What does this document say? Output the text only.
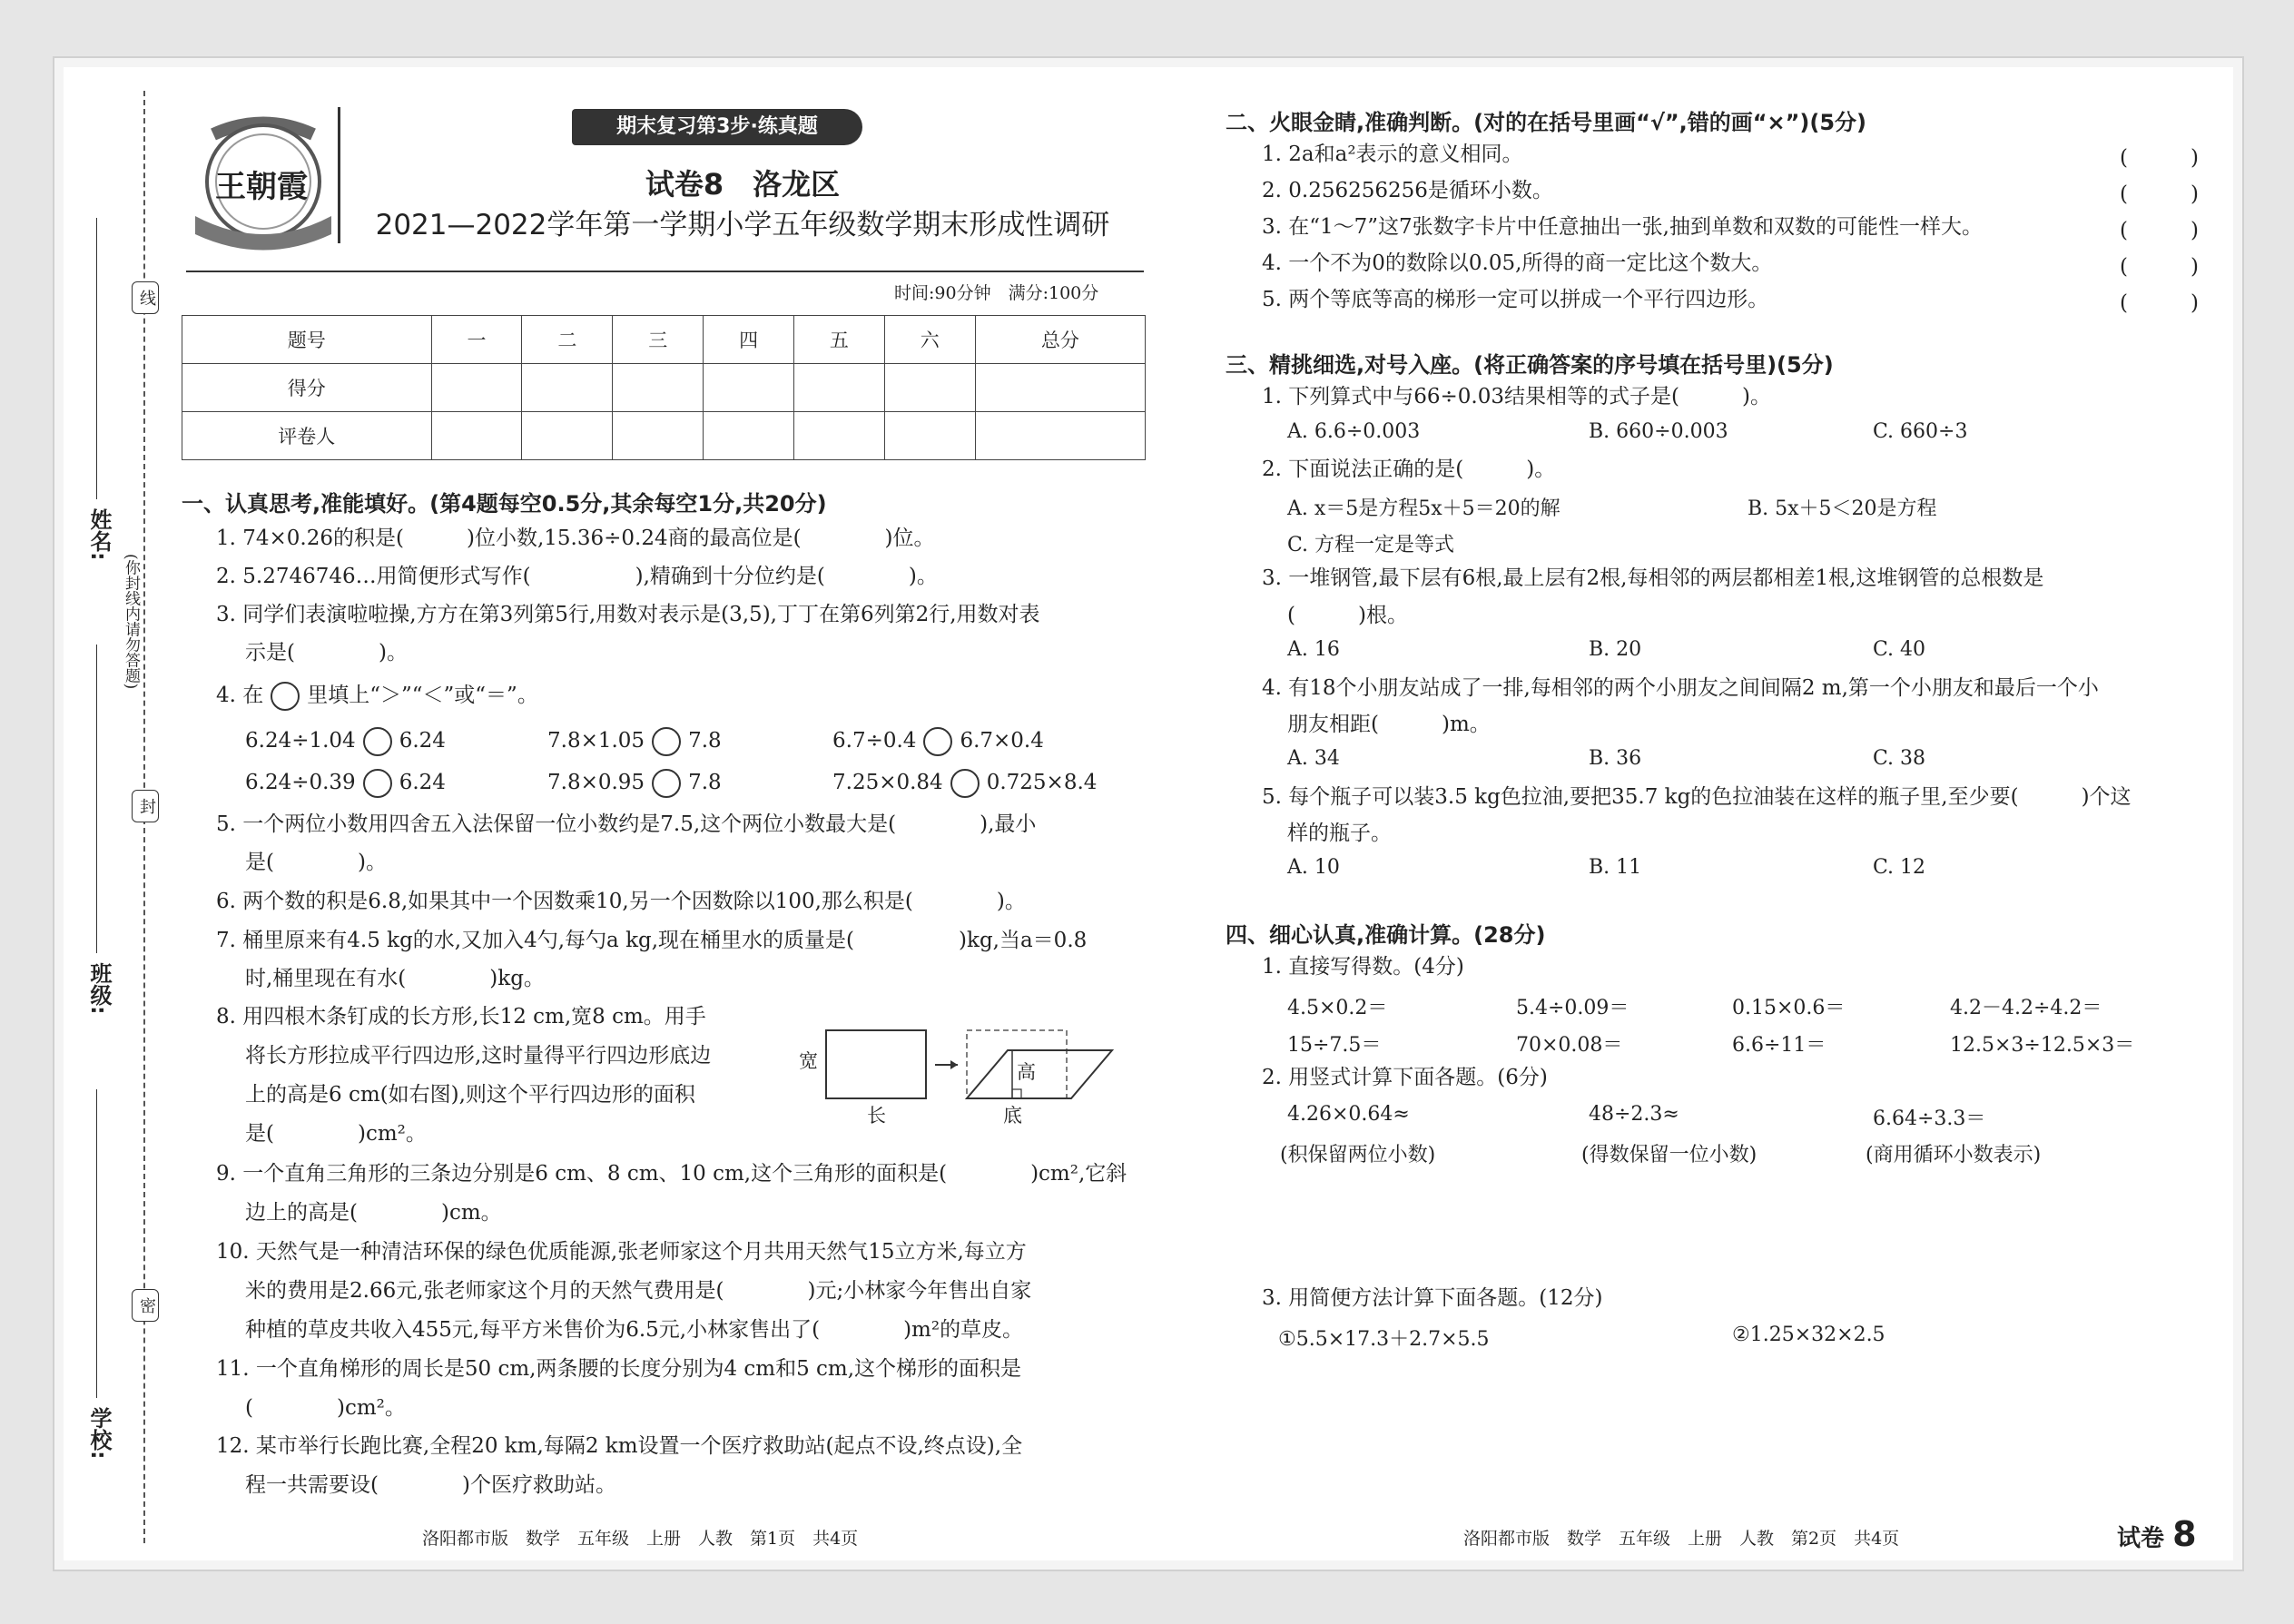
线
封
密
(你封线内请勿答题)
姓名:
班级:
学校:
王朝霞
期末复习第3步·练真题
试卷8　洛龙区
2021—2022学年第一学期小学五年级数学期末形成性调研
时间:90分钟　满分:100分
题号	一	二	三	四	五	六	总分
得分							
评卷人							
一、认真思考,准能填好。(第4题每空0.5分,其余每空1分,共20分)
1. 74×0.26的积是(　　　)位小数,15.36÷0.24商的最高位是(　　　　)位。
2. 5.2746746…用简便形式写作(　　　　　),精确到十分位约是(　　　　)。
3. 同学们表演啦啦操,方方在第3列第5行,用数对表示是(3,5),丁丁在第6列第2行,用数对表
示是(　　　　)。
4. 在 里填上“＞”“＜”或“＝”。
6.24÷1.04 6.24	7.8×1.05 7.8	6.7÷0.4 6.7×0.4
6.24÷0.39 6.24	7.8×0.95 7.8	7.25×0.84 0.725×8.4
5. 一个两位小数用四舍五入法保留一位小数约是7.5,这个两位小数最大是(　　　　),最小
是(　　　　)。
6. 两个数的积是6.8,如果其中一个因数乘10,另一个因数除以100,那么积是(　　　　)。
7. 桶里原来有4.5 kg的水,又加入4勺,每勺a kg,现在桶里水的质量是(　　　　　)kg,当a＝0.8
时,桶里现在有水(　　　　)kg。
8. 用四根木条钉成的长方形,长12 cm,宽8 cm。用手
将长方形拉成平行四边形,这时量得平行四边形底边
上的高是6 cm(如右图),则这个平行四边形的面积
是(　　　　)cm²。
宽
长
高
底
9. 一个直角三角形的三条边分别是6 cm、8 cm、10 cm,这个三角形的面积是(　　　　)cm²,它斜
边上的高是(　　　　)cm。
10. 天然气是一种清洁环保的绿色优质能源,张老师家这个月共用天然气15立方米,每立方
米的费用是2.66元,张老师家这个月的天然气费用是(　　　　)元;小林家今年售出自家
种植的草皮共收入455元,每平方米售价为6.5元,小林家售出了(　　　　)m²的草皮。
11. 一个直角梯形的周长是50 cm,两条腰的长度分别为4 cm和5 cm,这个梯形的面积是
(　　　　)cm²。
12. 某市举行长跑比赛,全程20 km,每隔2 km设置一个医疗救助站(起点不设,终点设),全
程一共需要设(　　　　)个医疗救助站。
二、火眼金睛,准确判断。(对的在括号里画“√”,错的画“×”)(5分)
1. 2a和a²表示的意义相同。
2. 0.256256256是循环小数。
3. 在“1～7”这7张数字卡片中任意抽出一张,抽到单数和双数的可能性一样大。
4. 一个不为0的数除以0.05,所得的商一定比这个数大。
5. 两个等底等高的梯形一定可以拼成一个平行四边形。
(　　　)
(　　　)
(　　　)
(　　　)
(　　　)
三、精挑细选,对号入座。(将正确答案的序号填在括号里)(5分)
1. 下列算式中与66÷0.03结果相等的式子是(　　　)。
A. 6.6÷0.003	B. 660÷0.003	C. 660÷3
2. 下面说法正确的是(　　　)。
A. x＝5是方程5x＋5＝20的解	B. 5x＋5＜20是方程
C. 方程一定是等式
3. 一堆钢管,最下层有6根,最上层有2根,每相邻的两层都相差1根,这堆钢管的总根数是
(　　　)根。
A. 16	B. 20	C. 40
4. 有18个小朋友站成了一排,每相邻的两个小朋友之间间隔2 m,第一个小朋友和最后一个小
朋友相距(　　　)m。
A. 34	B. 36	C. 38
5. 每个瓶子可以装3.5 kg色拉油,要把35.7 kg的色拉油装在这样的瓶子里,至少要(　　　)个这
样的瓶子。
A. 10	B. 11	C. 12
四、细心认真,准确计算。(28分)
1. 直接写得数。(4分)
4.5×0.2＝	5.4÷0.09＝	0.15×0.6＝	4.2－4.2÷4.2＝
15÷7.5＝	70×0.08＝	6.6÷11＝	12.5×3÷12.5×3＝
2. 用竖式计算下面各题。(6分)
4.26×0.64≈	48÷2.3≈	6.64÷3.3＝
(积保留两位小数)	(得数保留一位小数)	(商用循环小数表示)
3. 用简便方法计算下面各题。(12分)
①5.5×17.3＋2.7×5.5	②1.25×32×2.5
洛阳都市版　数学　五年级　上册　人教　第1页　共4页	洛阳都市版　数学　五年级　上册　人教　第2页　共4页	试卷 8
